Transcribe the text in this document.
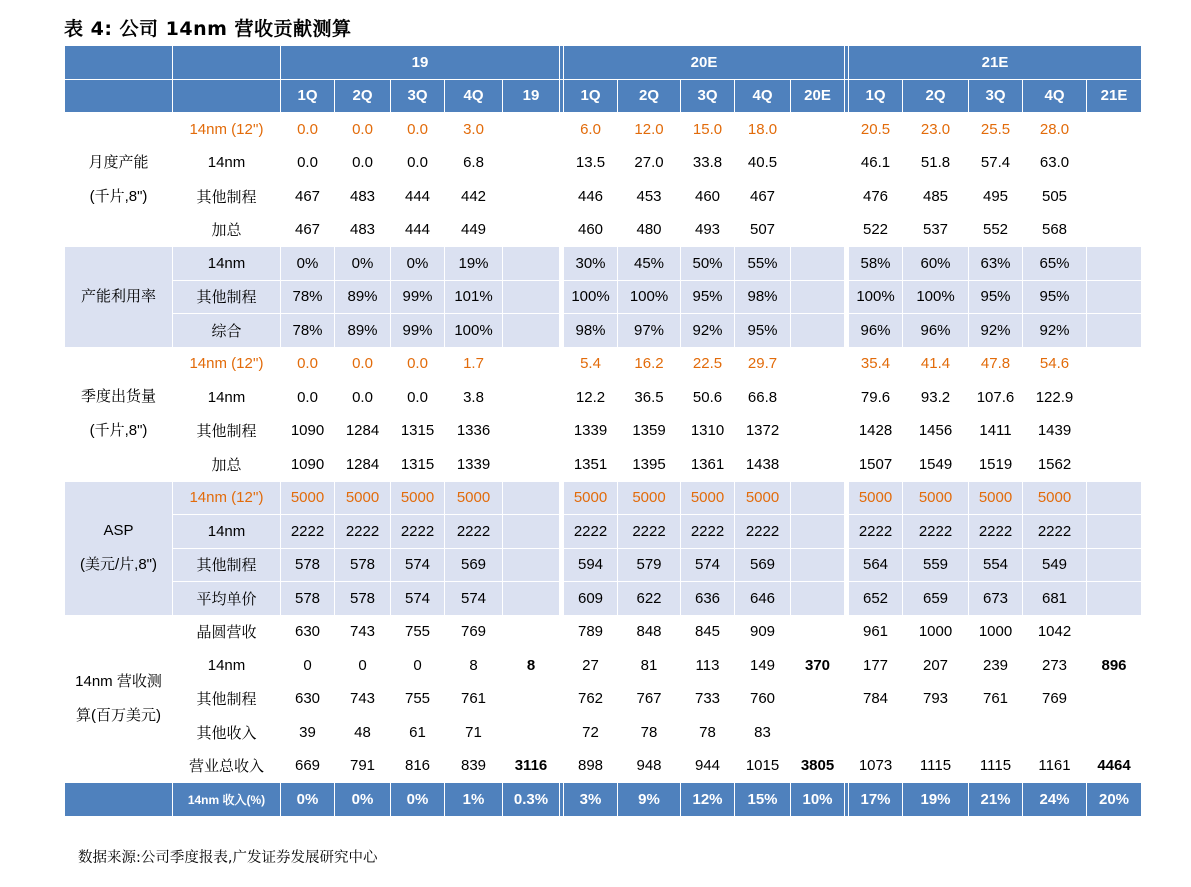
表 4: 公司 14nm 营收贡献测算
		19						20E						21E				
		1Q	2Q	3Q	4Q	19		1Q	2Q	3Q	4Q	20E		1Q	2Q	3Q	4Q	21E

月度产能
(千片,8")	14nm (12'')	0.0	0.0	0.0	3.0			6.0	12.0	15.0	18.0			20.5	23.0	25.5	28.0	
	14nm	0.0	0.0	0.0	6.8			13.5	27.0	33.8	40.5			46.1	51.8	57.4	63.0	
	其他制程	467	483	444	442			446	453	460	467			476	485	495	505	
	加总	467	483	444	449			460	480	493	507			522	537	552	568	

产能利用率	14nm	0%	0%	0%	19%			30%	45%	50%	55%			58%	60%	63%	65%	
	其他制程	78%	89%	99%	101%			100%	100%	95%	98%			100%	100%	95%	95%	
	综合	78%	89%	99%	100%			98%	97%	92%	95%			96%	96%	92%	92%	

季度出货量
(千片,8")	14nm (12'')	0.0	0.0	0.0	1.7			5.4	16.2	22.5	29.7			35.4	41.4	47.8	54.6	
	14nm	0.0	0.0	0.0	3.8			12.2	36.5	50.6	66.8			79.6	93.2	107.6	122.9	
	其他制程	1090	1284	1315	1336			1339	1359	1310	1372			1428	1456	1411	1439	
	加总	1090	1284	1315	1339			1351	1395	1361	1438			1507	1549	1519	1562	

ASP
(美元/片,8")	14nm (12'')	5000	5000	5000	5000			5000	5000	5000	5000			5000	5000	5000	5000	
	14nm	2222	2222	2222	2222			2222	2222	2222	2222			2222	2222	2222	2222	
	其他制程	578	578	574	569			594	579	574	569			564	559	554	549	
	平均单价	578	578	574	574			609	622	636	646			652	659	673	681	

14nm 营收测
算(百万美元)	晶圆营收	630	743	755	769			789	848	845	909			961	1000	1000	1042	
	14nm	0	0	0	8	8		27	81	113	149	370		177	207	239	273	896
	其他制程	630	743	755	761			762	767	733	760			784	793	761	769	
	其他收入	39	48	61	71			72	78	78	83							
	营业总收入	669	791	816	839	3116		898	948	944	1015	3805		1073	1115	1115	1161	4464
	14nm 收入(%)	0%	0%	0%	1%	0.3%		3%	9%	12%	15%	10%		17%	19%	21%	24%	20%
数据来源:公司季度报表,广发证券发展研究中心
